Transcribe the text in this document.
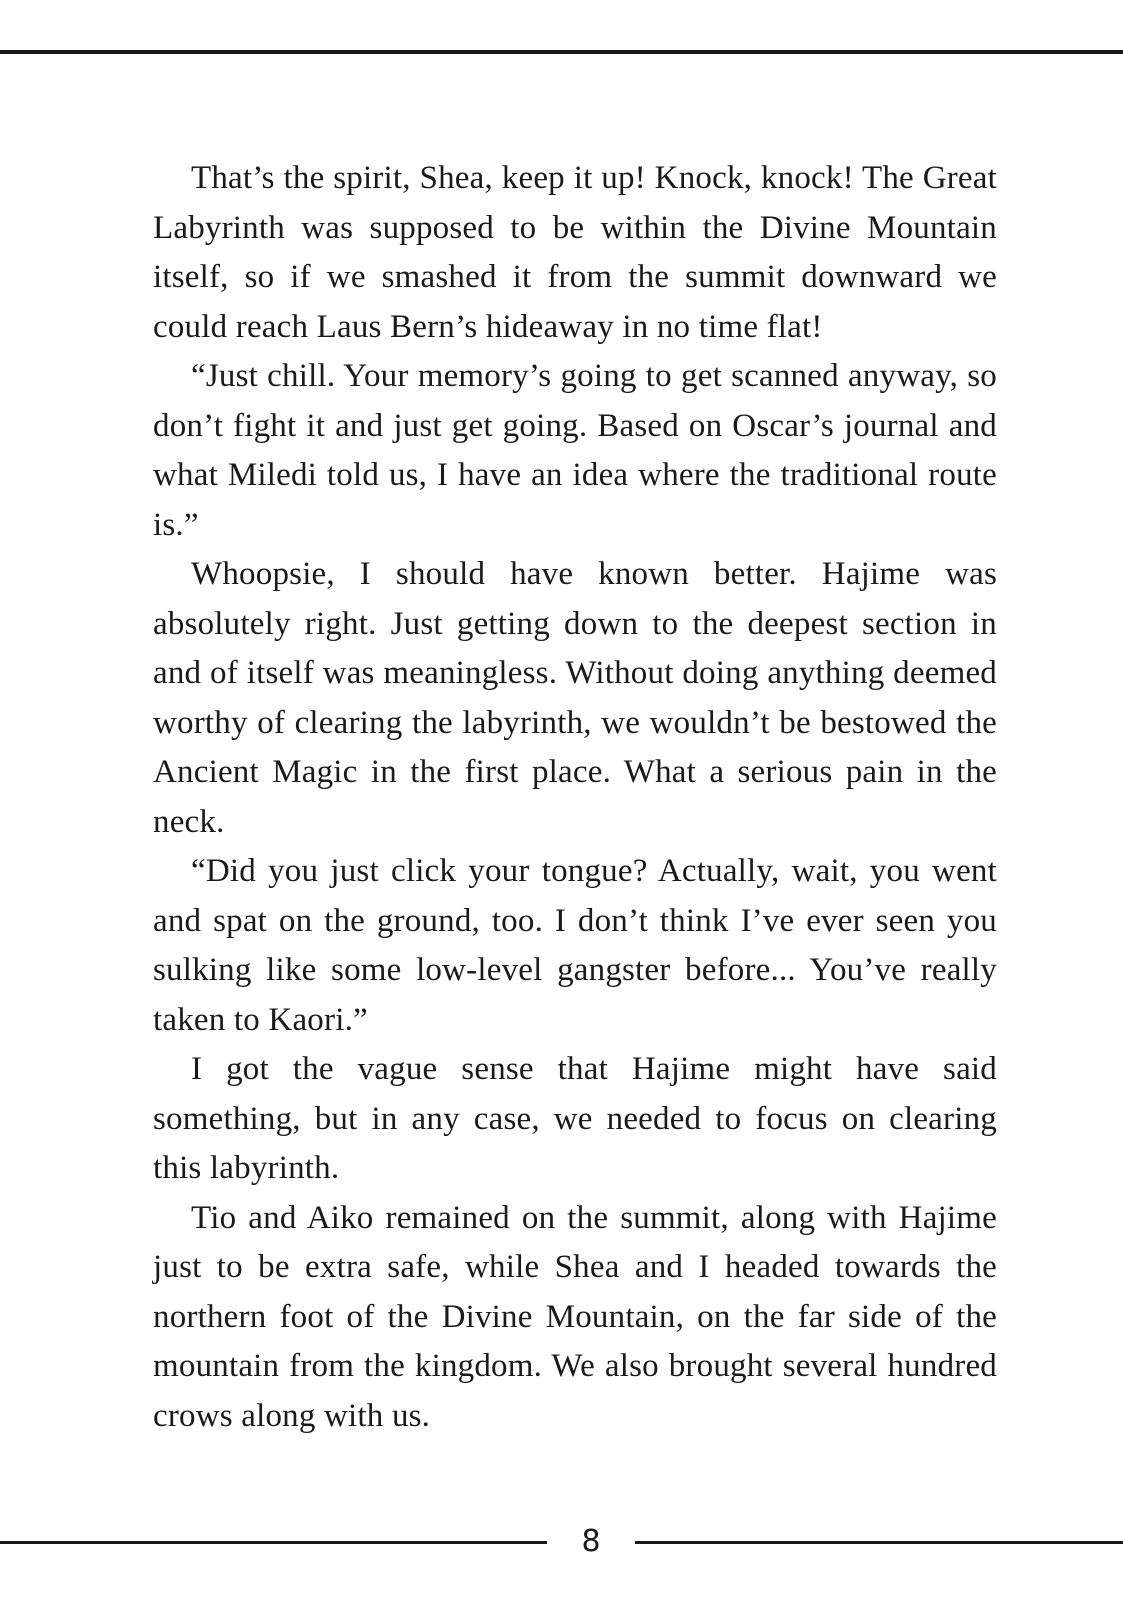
That’s the spirit, Shea, keep it up! Knock, knock! The Great Labyrinth was supposed to be within the Divine Mountain itself, so if we smashed it from the summit downward we could reach Laus Bern’s hideaway in no time flat!

“Just chill. Your memory’s going to get scanned anyway, so don’t fight it and just get going. Based on Oscar’s journal and what Miledi told us, I have an idea where the traditional route is.”

Whoopsie, I should have known better. Hajime was absolutely right. Just getting down to the deepest section in and of itself was meaningless. Without doing anything deemed worthy of clearing the labyrinth, we wouldn’t be bestowed the Ancient Magic in the first place. What a serious pain in the neck.

“Did you just click your tongue? Actually, wait, you went and spat on the ground, too. I don’t think I’ve ever seen you sulking like some low-level gangster before... You’ve really taken to Kaori.”

I got the vague sense that Hajime might have said something, but in any case, we needed to focus on clearing this labyrinth.

Tio and Aiko remained on the summit, along with Hajime just to be extra safe, while Shea and I headed towards the northern foot of the Divine Mountain, on the far side of the mountain from the kingdom. We also brought several hundred crows along with us.

8
